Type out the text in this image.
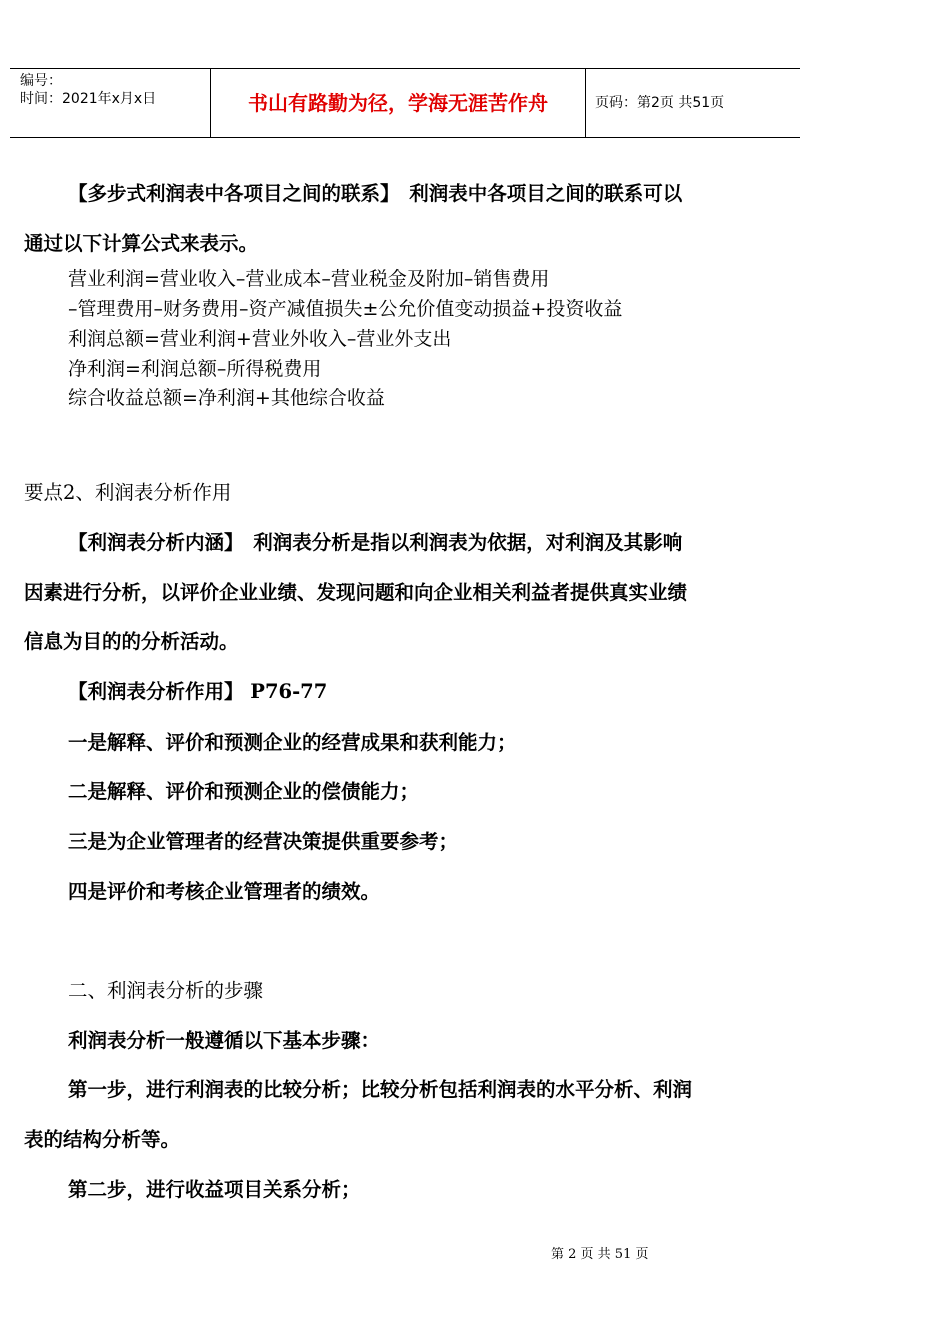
编号：
时间：2021年x月x日	书山有路勤为径，学海无涯苦作舟	页码：第2页 共51页
【多步式利润表中各项目之间的联系】　利润表中各项目之间的联系可以
通过以下计算公式来表示。
营业利润=营业收入–营业成本–营业税金及附加–销售费用
–管理费用–财务费用–资产减值损失±公允价值变动损益+投资收益
利润总额=营业利润+营业外收入–营业外支出
净利润=利润总额–所得税费用
综合收益总额=净利润+其他综合收益
要点2、利润表分析作用
【利润表分析内涵】　利润表分析是指以利润表为依据，对利润及其影响
因素进行分析，以评价企业业绩、发现问题和向企业相关利益者提供真实业绩
信息为目的的分析活动。
【利润表分析作用】 P76-77
一是解释、评价和预测企业的经营成果和获利能力；
二是解释、评价和预测企业的偿债能力；
三是为企业管理者的经营决策提供重要参考；
四是评价和考核企业管理者的绩效。
二、利润表分析的步骤
利润表分析一般遵循以下基本步骤：
第一步，进行利润表的比较分析；比较分析包括利润表的水平分析、利润
表的结构分析等。
第二步，进行收益项目关系分析；
第 2 页 共 51 页
